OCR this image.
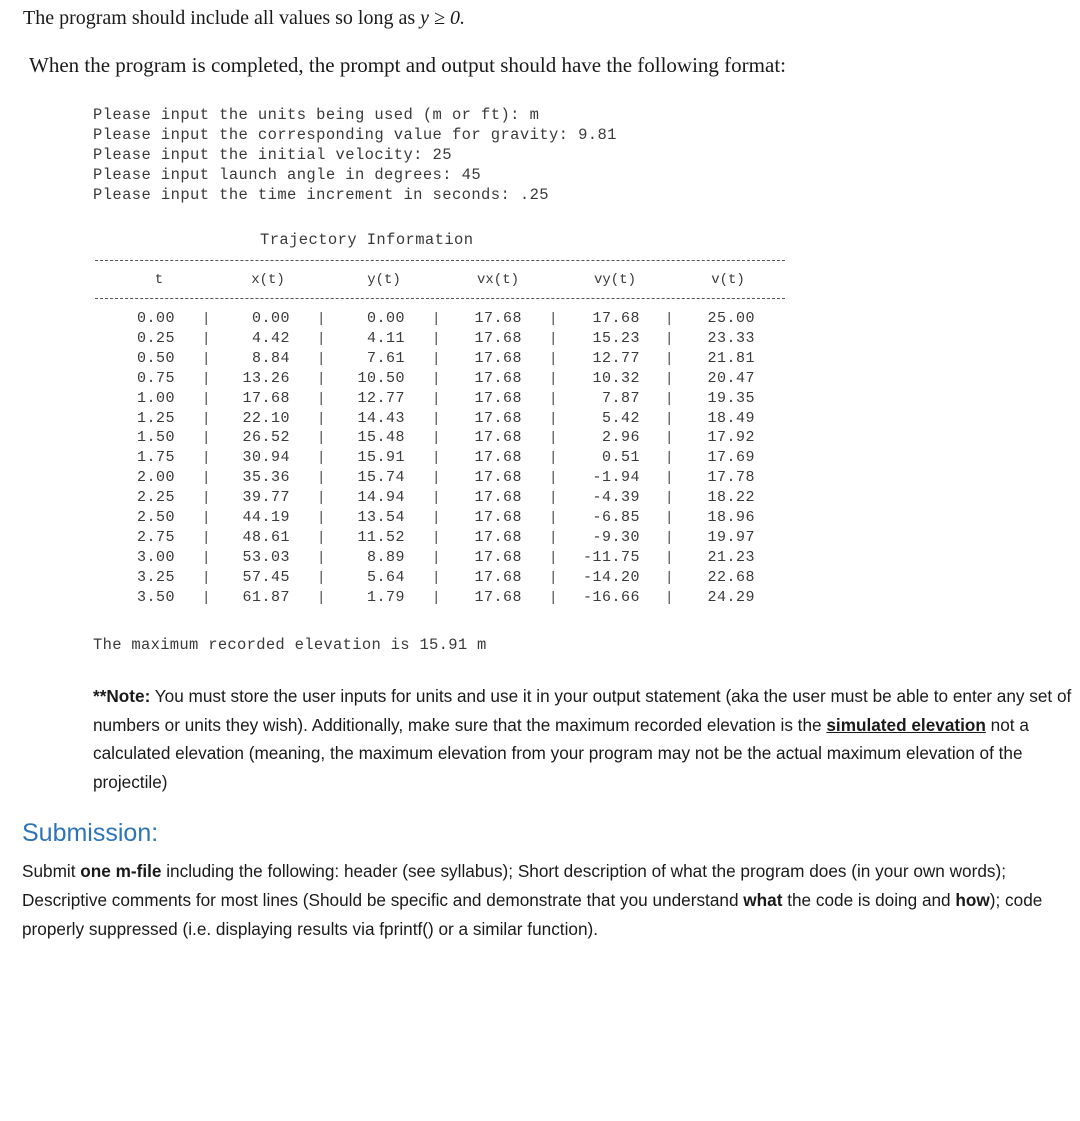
The program should include all values so long as y ≥ 0.
When the program is completed, the prompt and output should have the following format:
Please input the units being used (m or ft): m
Please input the corresponding value for gravity: 9.81
Please input the initial velocity: 25
Please input launch angle in degrees: 45
Please input the time increment in seconds: .25
Trajectory Information
t	x(t)	y(t)	vx(t)	vy(t)	v(t)
0.00	0.00	0.00	17.68	17.68	25.00
|	|	|	|	|
0.25	4.42	4.11	17.68	15.23	23.33
|	|	|	|	|
0.50	8.84	7.61	17.68	12.77	21.81
|	|	|	|	|
0.75	13.26	10.50	17.68	10.32	20.47
|	|	|	|	|
1.00	17.68	12.77	17.68	7.87	19.35
|	|	|	|	|
1.25	22.10	14.43	17.68	5.42	18.49
|	|	|	|	|
1.50	26.52	15.48	17.68	2.96	17.92
|	|	|	|	|
1.75	30.94	15.91	17.68	0.51	17.69
|	|	|	|	|
2.00	35.36	15.74	17.68	-1.94	17.78
|	|	|	|	|
2.25	39.77	14.94	17.68	-4.39	18.22
|	|	|	|	|
2.50	44.19	13.54	17.68	-6.85	18.96
|	|	|	|	|
2.75	48.61	11.52	17.68	-9.30	19.97
|	|	|	|	|
3.00	53.03	8.89	17.68	-11.75	21.23
|	|	|	|	|
3.25	57.45	5.64	17.68	-14.20	22.68
|	|	|	|	|
3.50	61.87	1.79	17.68	-16.66	24.29
|	|	|	|	|
The maximum recorded elevation is 15.91 m
**Note: You must store the user inputs for units and use it in your output statement (aka the user must be able to enter any set of numbers or units they wish). Additionally, make sure that the maximum recorded elevation is the simulated elevation not a calculated elevation (meaning, the maximum elevation from your program may not be the actual maximum elevation of the projectile)
Submission:
Submit one m-file including the following: header (see syllabus); Short description of what the program does (in your own words); Descriptive comments for most lines (Should be specific and demonstrate that you understand what the code is doing and how); code properly suppressed (i.e. displaying results via fprintf() or a similar function).
